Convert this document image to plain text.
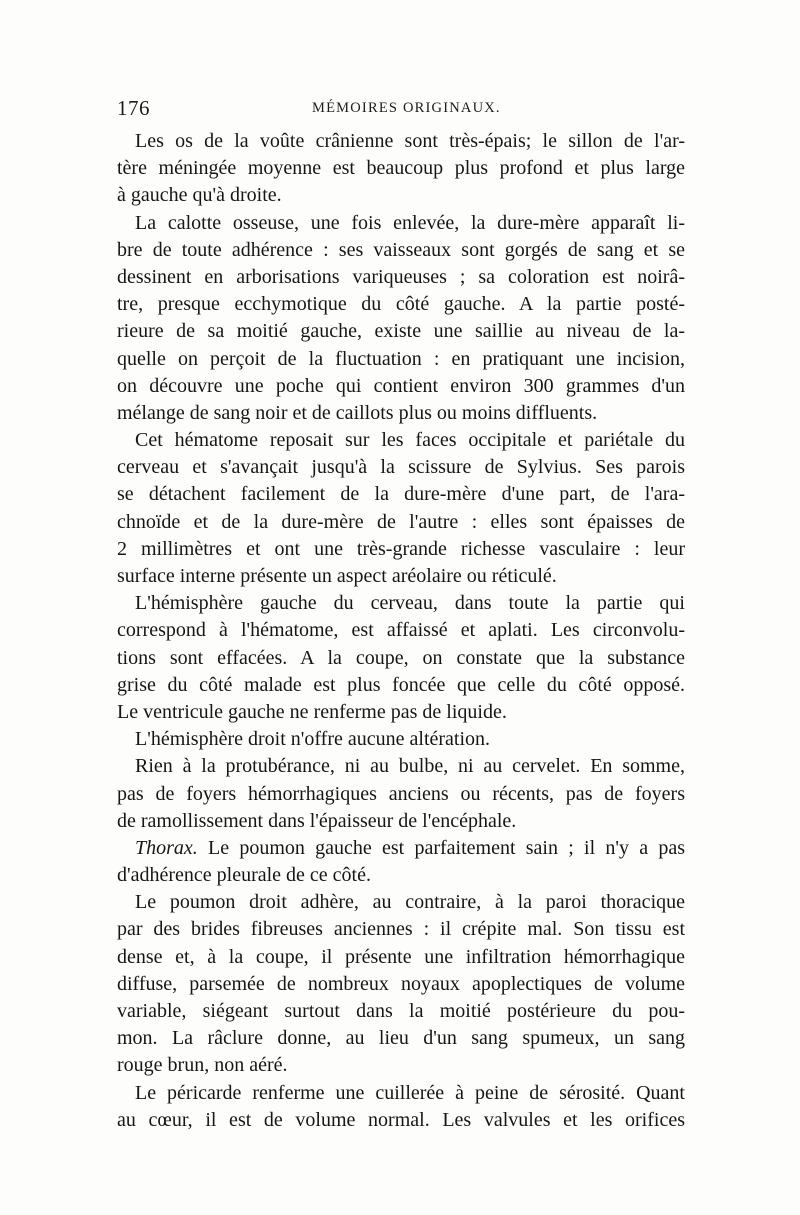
176	MÉMOIRES ORIGINAUX.
Les os de la voûte crânienne sont très-épais; le sillon de l'ar-
tère méningée moyenne est beaucoup plus profond et plus large
à gauche qu'à droite.
La calotte osseuse, une fois enlevée, la dure-mère apparaît li-
bre de toute adhérence : ses vaisseaux sont gorgés de sang et se
dessinent en arborisations variqueuses ; sa coloration est noirâ-
tre, presque ecchymotique du côté gauche. A la partie posté-
rieure de sa moitié gauche, existe une saillie au niveau de la-
quelle on perçoit de la fluctuation : en pratiquant une incision,
on découvre une poche qui contient environ 300 grammes d'un
mélange de sang noir et de caillots plus ou moins diffluents.
Cet hématome reposait sur les faces occipitale et pariétale du
cerveau et s'avançait jusqu'à la scissure de Sylvius. Ses parois
se détachent facilement de la dure-mère d'une part, de l'ara-
chnoïde et de la dure-mère de l'autre : elles sont épaisses de
2 millimètres et ont une très-grande richesse vasculaire : leur
surface interne présente un aspect aréolaire ou réticulé.
L'hémisphère gauche du cerveau, dans toute la partie qui
correspond à l'hématome, est affaissé et aplati. Les circonvolu-
tions sont effacées. A la coupe, on constate que la substance
grise du côté malade est plus foncée que celle du côté opposé.
Le ventricule gauche ne renferme pas de liquide.
L'hémisphère droit n'offre aucune altération.
Rien à la protubérance, ni au bulbe, ni au cervelet. En somme,
pas de foyers hémorrhagiques anciens ou récents, pas de foyers
de ramollissement dans l'épaisseur de l'encéphale.
Thorax. Le poumon gauche est parfaitement sain ; il n'y a pas
d'adhérence pleurale de ce côté.
Le poumon droit adhère, au contraire, à la paroi thoracique
par des brides fibreuses anciennes : il crépite mal. Son tissu est
dense et, à la coupe, il présente une infiltration hémorrhagique
diffuse, parsemée de nombreux noyaux apoplectiques de volume
variable, siégeant surtout dans la moitié postérieure du pou-
mon. La râclure donne, au lieu d'un sang spumeux, un sang
rouge brun, non aéré.
Le péricarde renferme une cuillerée à peine de sérosité. Quant
au cœur, il est de volume normal. Les valvules et les orifices
